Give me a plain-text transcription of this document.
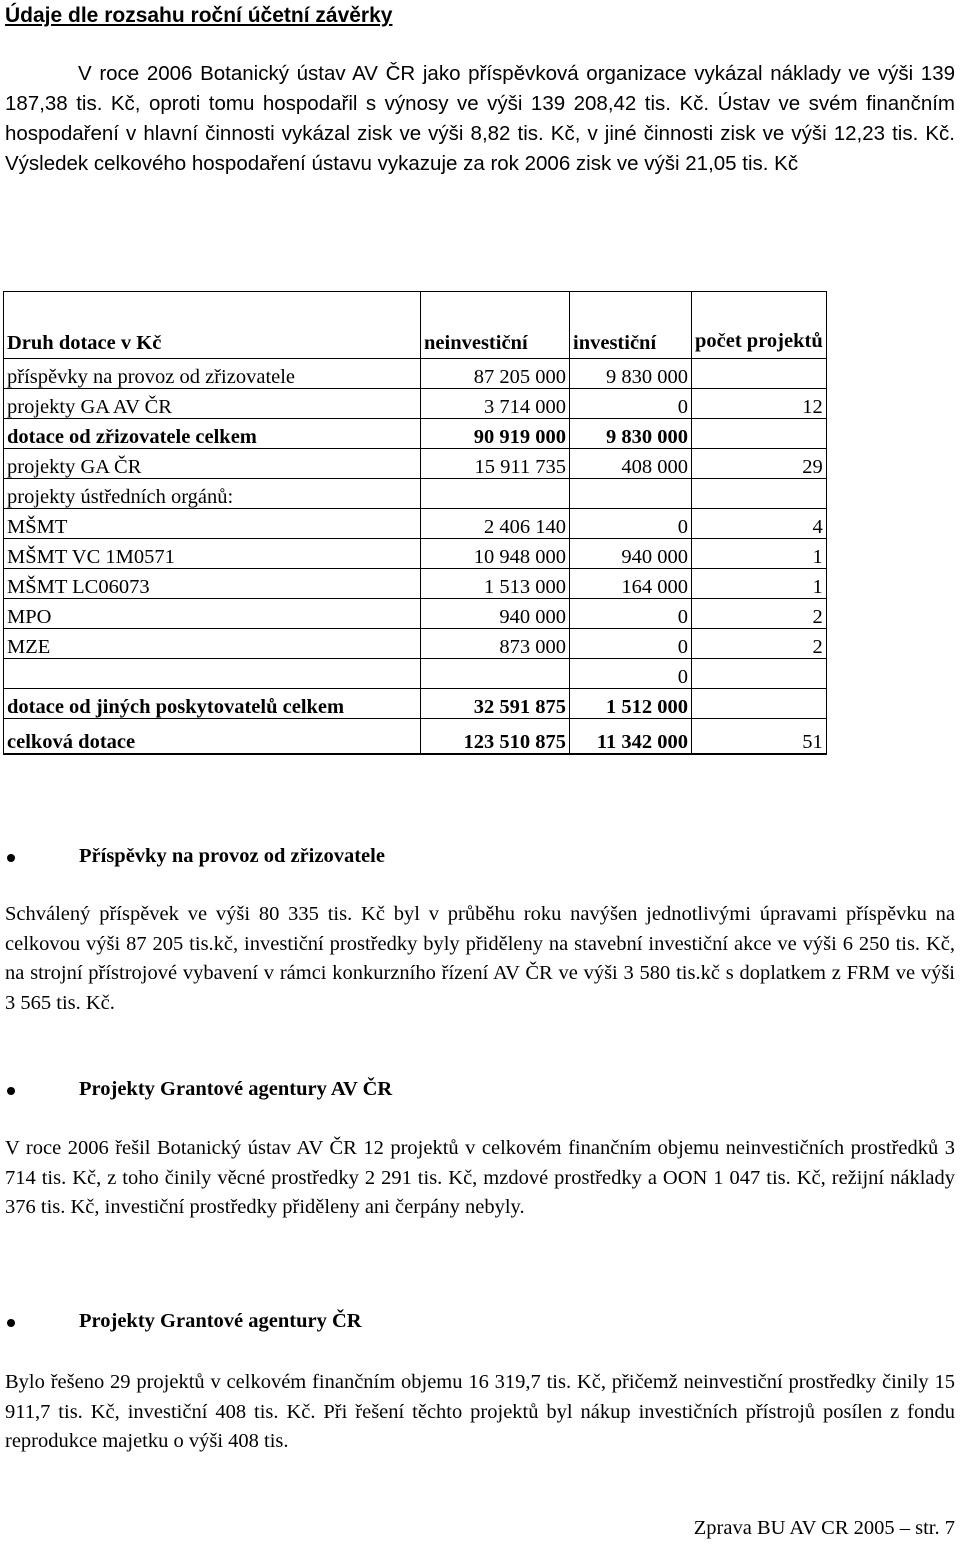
Údaje dle rozsahu roční účetní závěrky

V roce 2006 Botanický ústav AV ČR jako příspěvková organizace vykázal náklady ve výši 139 187,38 tis. Kč, oproti tomu hospodařil s výnosy ve výši 139 208,42 tis. Kč. Ústav ve svém finančním hospodaření v hlavní činnosti vykázal zisk ve výši 8,82 tis. Kč, v jiné činnosti zisk ve výši 12,23 tis. Kč. Výsledek celkového hospodaření ústavu vykazuje za rok 2006 zisk ve výši 21,05 tis. Kč

Druh dotace v Kč	neinvestiční	investiční	počet projektů
příspěvky na provoz od zřizovatele	87 205 000	9 830 000	
projekty GA AV ČR	3 714 000	0	12
dotace od zřizovatele celkem	90 919 000	9 830 000	
projekty GA ČR	15 911 735	408 000	29
projekty ústředních orgánů:			
MŠMT	2 406 140	0	4
MŠMT VC 1M0571	10 948 000	940 000	1
MŠMT LC06073	1 513 000	164 000	1
MPO	940 000	0	2
MZE	873 000	0	2
		0	
dotace od jiných poskytovatelů celkem	32 591 875	1 512 000	
celková dotace	123 510 875	11 342 000	51
Příspěvky na provoz od zřizovatele

Schválený příspěvek ve výši 80 335 tis. Kč byl v průběhu roku navýšen jednotlivými úpravami příspěvku na celkovou výši 87 205 tis.kč, investiční prostředky byly přiděleny na stavební investiční akce ve výši 6 250 tis. Kč, na strojní přístrojové vybavení v rámci konkurzního řízení AV ČR ve výši 3 580 tis.kč s doplatkem z FRM ve výši 3 565 tis. Kč.

Projekty Grantové agentury AV ČR

V roce 2006 řešil Botanický ústav AV ČR 12 projektů v celkovém finančním objemu neinvestičních prostředků 3 714 tis. Kč, z toho činily věcné prostředky 2 291 tis. Kč, mzdové prostředky a OON 1 047 tis. Kč, režijní náklady 376 tis. Kč, investiční prostředky přiděleny ani čerpány nebyly.

Projekty Grantové agentury ČR

Bylo řešeno 29 projektů v celkovém finančním objemu 16 319,7 tis. Kč, přičemž neinvestiční prostředky činily 15 911,7 tis. Kč, investiční 408 tis. Kč. Při řešení těchto projektů byl nákup investičních přístrojů posílen z fondu reprodukce majetku o výši 408 tis.

Zprava BU AV CR 2005 – str. 7
